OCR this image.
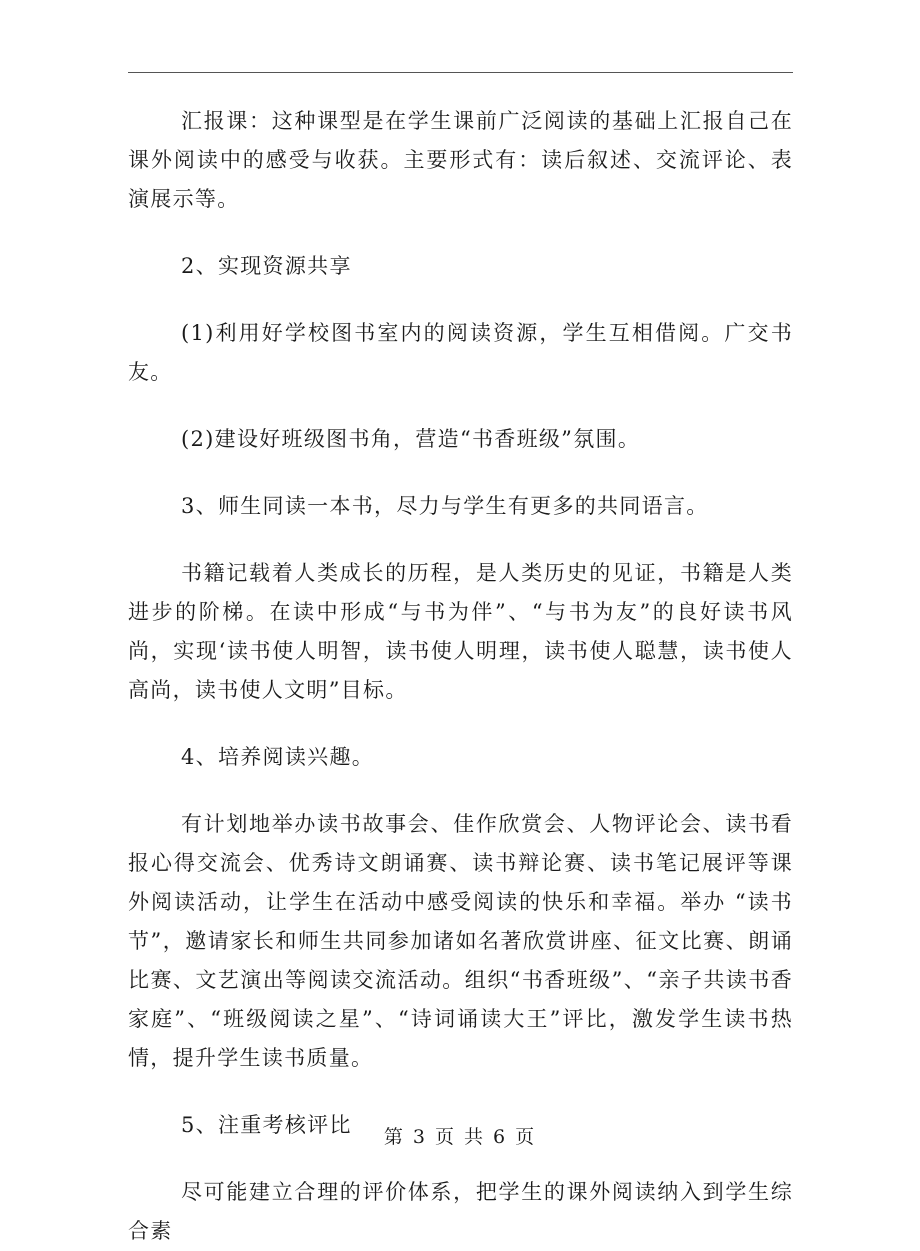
汇报课：这种课型是在学生课前广泛阅读的基础上汇报自己在课外阅读中的感受与收获。主要形式有：读后叙述、交流评论、表演展示等。

2、实现资源共享

(1)利用好学校图书室内的阅读资源，学生互相借阅。广交书友。

(2)建设好班级图书角，营造“书香班级”氛围。

3、师生同读一本书，尽力与学生有更多的共同语言。

书籍记载着人类成长的历程，是人类历史的见证，书籍是人类进步的阶梯。在读中形成“与书为伴”、“与书为友”的良好读书风尚，实现‘读书使人明智，读书使人明理，读书使人聪慧，读书使人高尚，读书使人文明”目标。

4、培养阅读兴趣。

有计划地举办读书故事会、佳作欣赏会、人物评论会、读书看报心得交流会、优秀诗文朗诵赛、读书辩论赛、读书笔记展评等课外阅读活动，让学生在活动中感受阅读的快乐和幸福。举办 “读书节”，邀请家长和师生共同参加诸如名著欣赏讲座、征文比赛、朗诵比赛、文艺演出等阅读交流活动。组织“书香班级”、“亲子共读书香家庭”、“班级阅读之星”、“诗词诵读大王”评比，激发学生读书热情，提升学生读书质量。

5、注重考核评比

尽可能建立合理的评价体系，把学生的课外阅读纳入到学生综合素

第 3 页 共 6 页
